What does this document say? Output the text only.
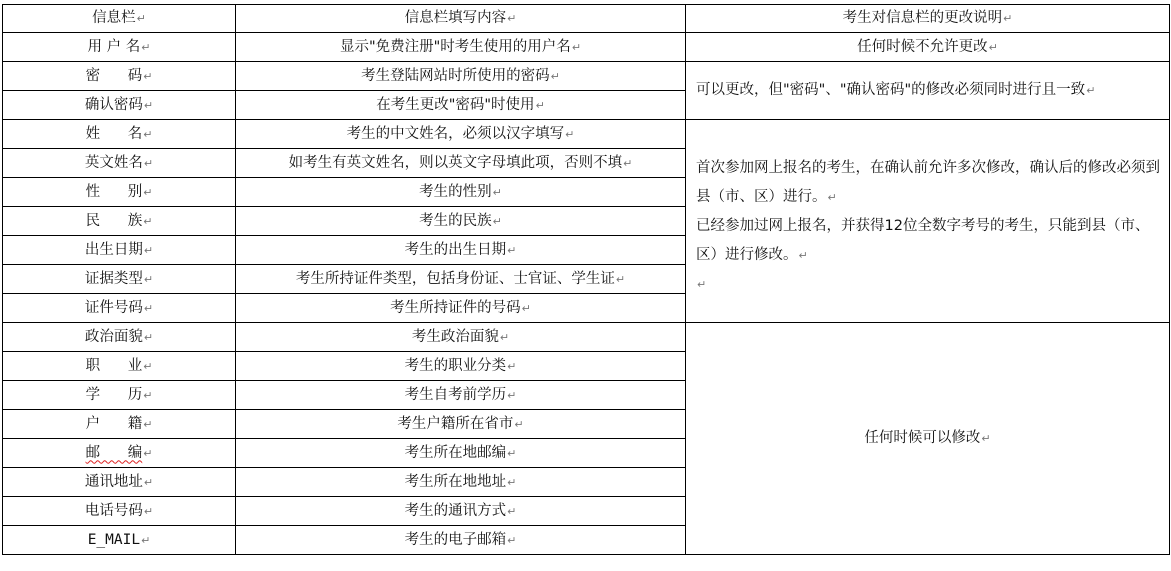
信息栏↵	信息栏填写内容↵	考生对信息栏的更改说明↵
用 户 名↵	显示"免费注册"时考生使用的用户名↵	任何时候不允许更改↵
密      码↵	考生登陆网站时所使用的密码↵	可以更改，但"密码"、"确认密码"的修改必须同时进行且一致↵
确认密码↵	在考生更改"密码"时使用↵	
姓      名↵	考生的中文姓名，必须以汉字填写↵	首次参加网上报名的考生，在确认前允许多次修改，确认后的修改必须到县（市、区）进行。↵

已经参加过网上报名，并获得12位全数字考号的考生，只能到县（市、区）进行修改。↵

↵

英文姓名↵	如考生有英文姓名，则以英文字母填此项，否则不填↵	
性      别↵	考生的性别↵	
民      族↵	考生的民族↵	
出生日期↵	考生的出生日期↵	
证据类型↵	考生所持证件类型，包括身份证、士官证、学生证↵	
证件号码↵	考生所持证件的号码↵	
政治面貌↵	考生政治面貌↵	任何时候可以修改↵
职      业↵	考生的职业分类↵	
学      历↵	考生自考前学历↵	
户      籍↵	考生户籍所在省市↵	
邮      编↵	考生所在地邮编↵	
通讯地址↵	考生所在地地址↵	
电话号码↵	考生的通讯方式↵	
E_MAIL↵	考生的电子邮箱↵	
